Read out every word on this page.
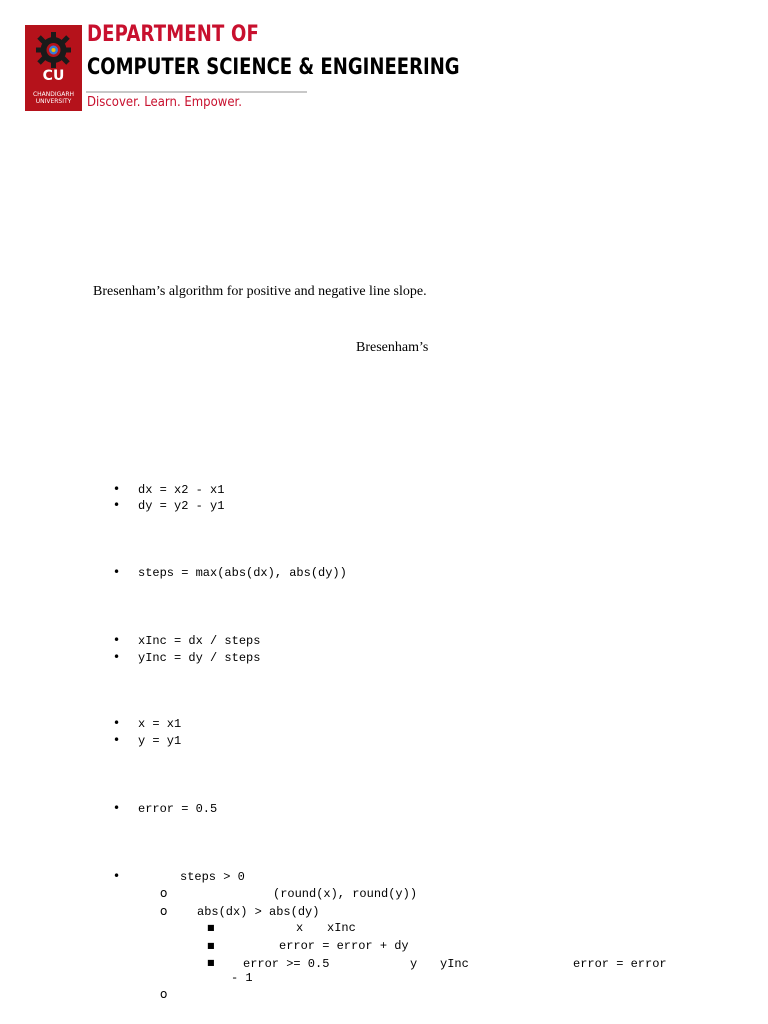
CU
CHANDIGARH UNIVERSITY
DEPARTMENT OF
COMPUTER SCIENCE & ENGINEERING
Discover. Learn. Empower.
Bresenham’s algorithm for positive and negative line slope.
Bresenham’s
•
dx = x2 - x1
•
dy = y2 - y1
•
steps = max(abs(dx), abs(dy))
•
xInc = dx / steps
•
yInc = dy / steps
•
x = x1
•
y = y1
•
error = 0.5
•
steps > 0
o	(round(x), round(y))
o abs(dx) > abs(dy)
■	x xInc
■	error = error + dy
■ error >= 0.5	y yInc	error = error
- 1
o
